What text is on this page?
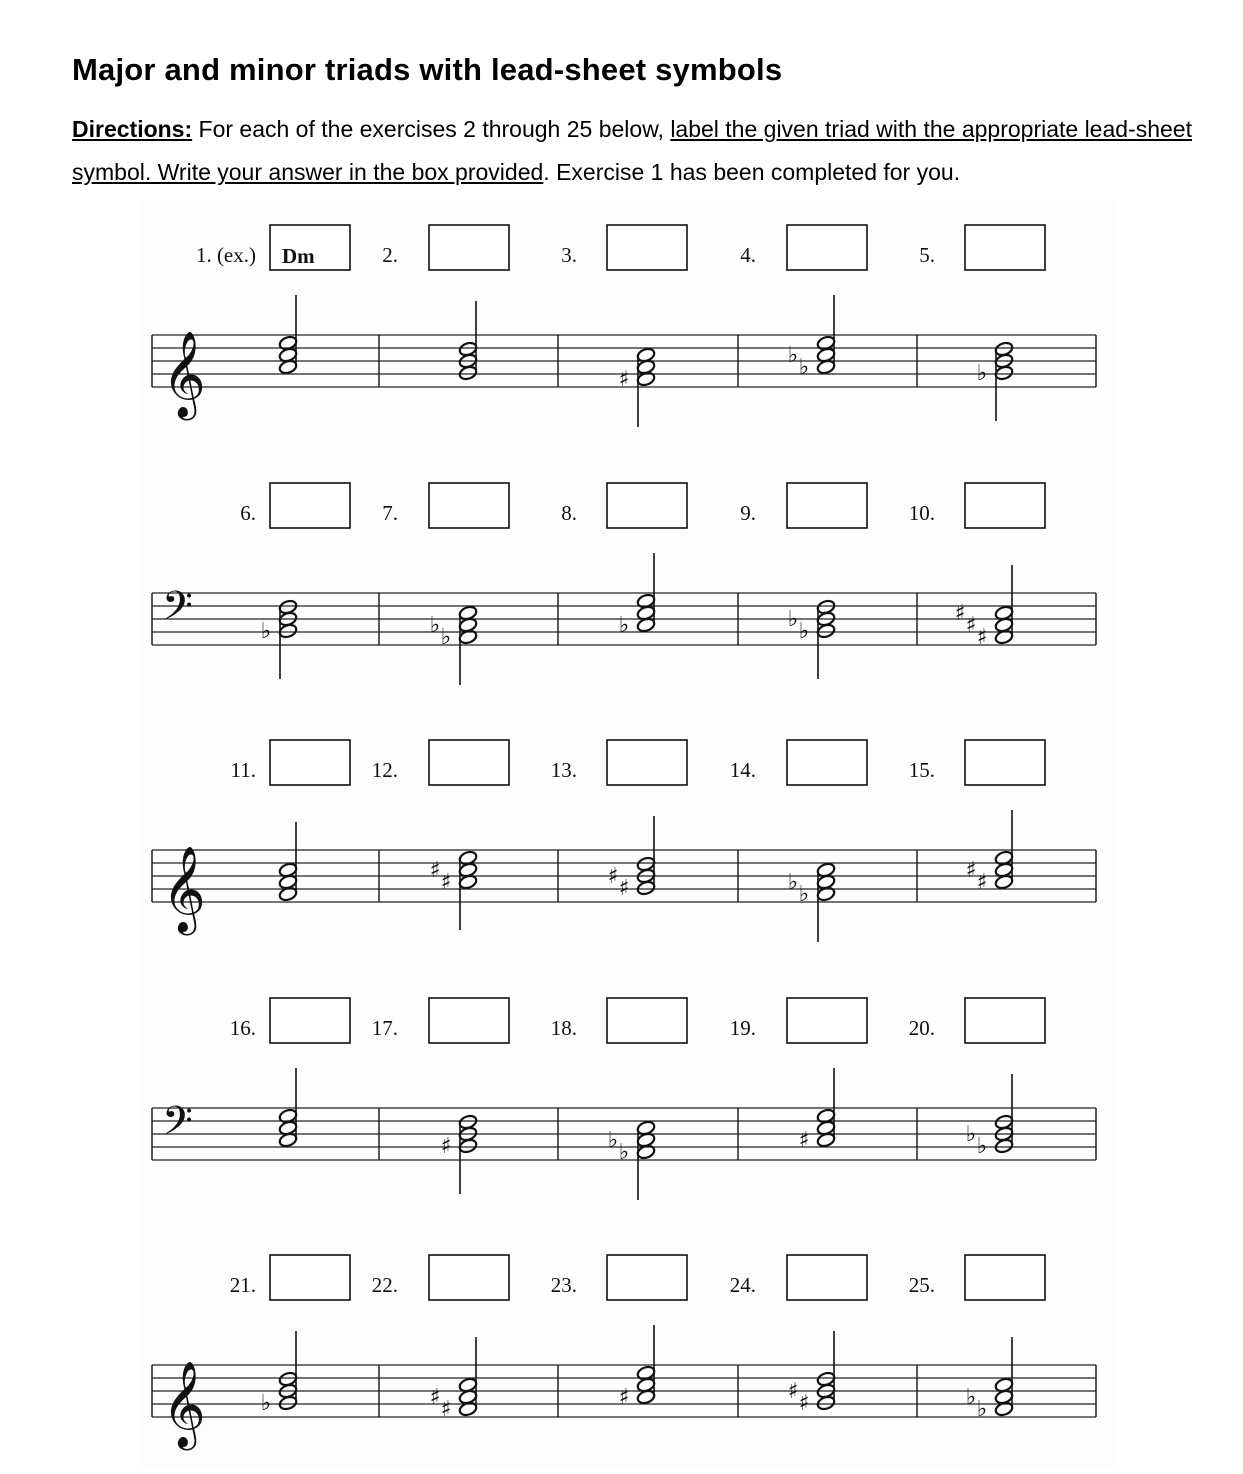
Major and minor triads with lead-sheet symbols
Directions: For each of the exercises 2 through 25 below, label the given triad with the appropriate lead-sheet symbol. Write your answer in the box provided. Exercise 1 has been completed for you.
1. (ex.) Dm	2.	3.	4.	5.
𝄞	♯	♭
♭
♭
6.	7.	8.	9.	10.
𝄢	♭	♭
♭	♭	♭
♭
♯
♯
♯
11.	12.	13.	14.	15.
𝄞	♯
♯
♯
♯
♭
♭	♯
♯
16.	17.	18.	19.	20.
𝄢	♯	♭
♭	♯	♭
♭
21.	22.	23.	24.	25.
𝄞	♭	♯
♯	♯	♯
♯
♭
♭
